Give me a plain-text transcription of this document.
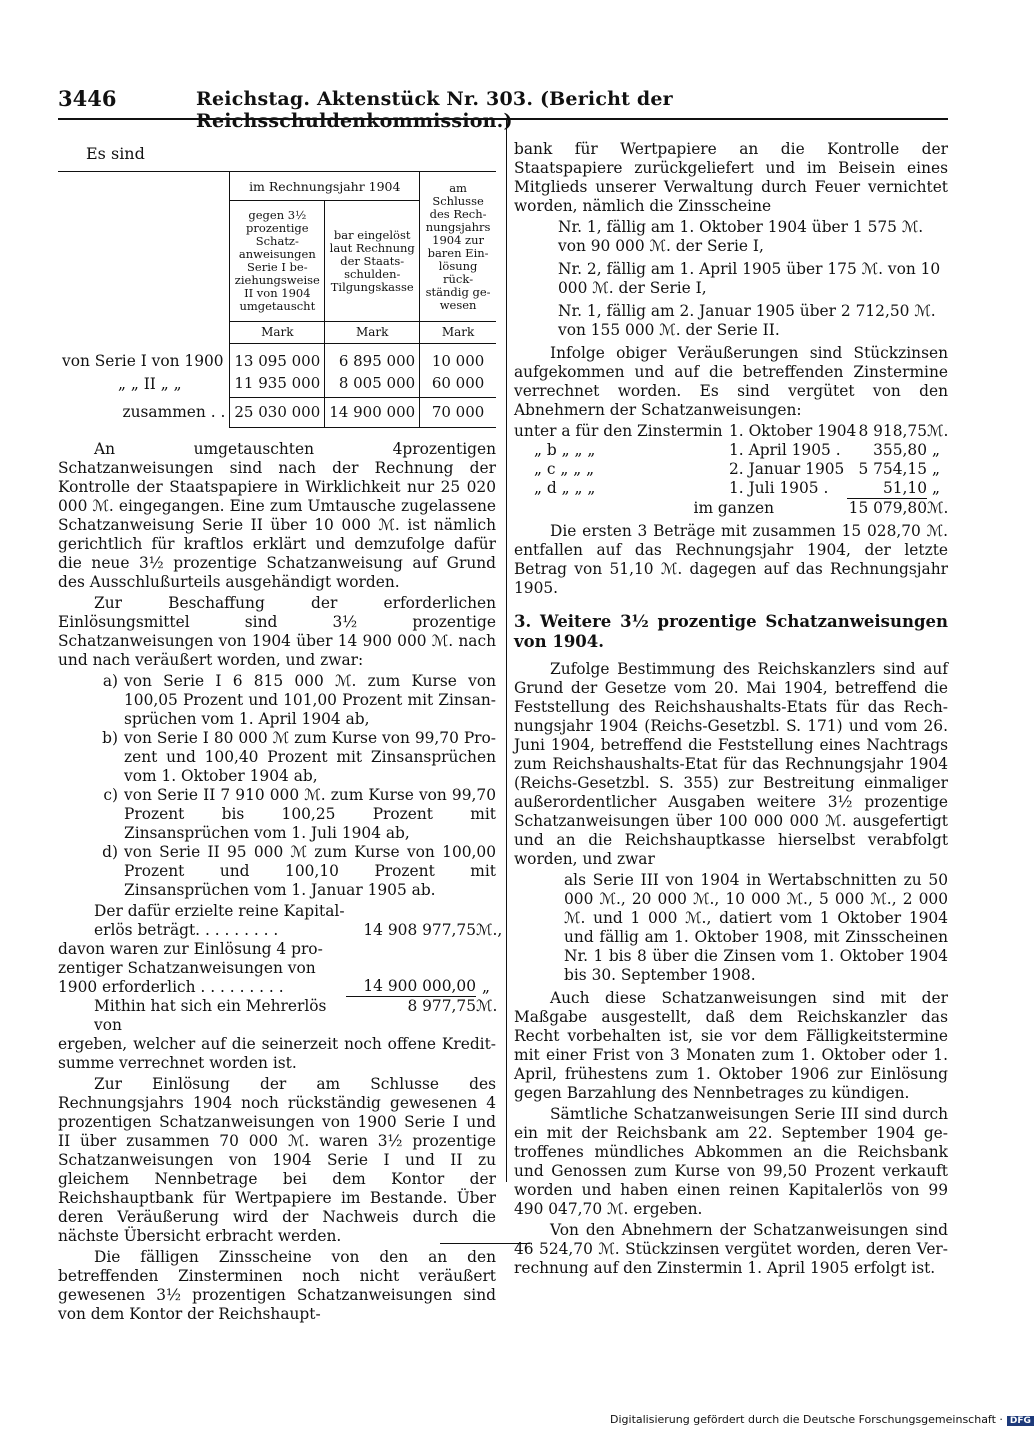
3446	Reichstag. Aktenstück Nr. 303. (Bericht der Reichsschuldenkommission.)

Es sind

	im Rechnungsjahr 1904		am Schlusse des Rechnungsjahrs 1904 zur baren Einlösung rückständig gewesen
	gegen 3½ prozentige Schatzanweisungen Serie I beziehungsweise II von 1904 umgetauscht	bar eingelöst laut Rechnung der Staatsschulden-Tilgungskasse	
	Mark	Mark	Mark
von Serie I von 1900	13 095 000	6 895 000	10 000
„ „ II „ „	11 935 000	8 005 000	60 000
zusammen . .	25 030 000	14 900 000	70 000

An umgetauschten 4prozentigen Schatzanweisungen sind nach der Rechnung der Kontrolle der Staatspapiere in Wirklichkeit nur 25 020 000 ℳ. eingegangen. Eine zum Umtausche zugelassene Schatzanweisung Serie II über 10 000 ℳ. ist nämlich gerichtlich für kraftlos erklärt und demzufolge dafür die neue 3½ prozentige Schatzanweisung auf Grund des Ausschlußurteils ausgehändigt worden.

Zur Beschaffung der erforderlichen Einlösungsmittel sind 3½ prozentige Schatzanweisungen von 1904 über 14 900 000 ℳ. nach und nach veräußert worden, und zwar:

a) von Serie I 6 815 000 ℳ. zum Kurse von 100,05 Prozent und 101,00 Prozent mit Zinsansprüchen vom 1. April 1904 ab,
b) von Serie I 80 000 ℳ zum Kurse von 99,70 Prozent und 100,40 Prozent mit Zinsansprüchen vom 1. Oktober 1904 ab,
c) von Serie II 7 910 000 ℳ. zum Kurse von 99,70 Prozent bis 100,25 Prozent mit Zinsansprüchen vom 1. Juli 1904 ab,
d) von Serie II 95 000 ℳ zum Kurse von 100,00 Prozent und 100,10 Prozent mit Zinsansprüchen vom 1. Januar 1905 ab.
Der dafür erzielte reine Kapitalerlös beträgt. . . . . . . . .	14 908 977,75 ℳ.,
davon waren zur Einlösung 4 prozentiger Schatzanweisungen von 1900 erforderlich . . . . . . . . .	14 900 000,00 „
Mithin hat sich ein Mehrerlös von
8 977,75 ℳ.

ergeben, welcher auf die seinerzeit noch offene Kreditsumme verrechnet worden ist.

Zur Einlösung der am Schlusse des Rechnungsjahrs 1904 noch rückständig gewesenen 4 prozentigen Schatzanweisungen von 1900 Serie I und II über zusammen 70 000 ℳ. waren 3½ prozentige Schatzanweisungen von 1904 Serie I und II zu gleichem Nennbetrage bei dem Kontor der Reichshauptbank für Wertpapiere im Bestande. Über deren Veräußerung wird der Nachweis durch die nächste Übersicht erbracht werden.

Die fälligen Zinsscheine von den an den betreffenden Zinsterminen noch nicht veräußert gewesenen 3½ prozentigen Schatzanweisungen sind von dem Kontor der Reichshaupt-

bank für Wertpapiere an die Kontrolle der Staatspapiere zurückgeliefert und im Beisein eines Mitglieds unserer Verwaltung durch Feuer vernichtet worden, nämlich die Zinsscheine

Nr. 1, fällig am 1. Oktober 1904 über 1 575 ℳ. von 90 000 ℳ. der Serie I,

Nr. 2, fällig am 1. April 1905 über 175 ℳ. von 10 000 ℳ. der Serie I,

Nr. 1, fällig am 2. Januar 1905 über 2 712,50 ℳ. von 155 000 ℳ. der Serie II.

Infolge obiger Veräußerungen sind Stückzinsen aufgekommen und auf die betreffenden Zinstermine verrechnet worden. Es sind vergütet von den Abnehmern der Schatzanweisungen:

unter a für den Zinstermin 1. Oktober 1904 8 918,75 ℳ.
„ b „ „ „	1. April 1905 .	355,80 „
„ c „ „ „	2. Januar 1905 5 754,15 „
„ d „ „ „	1. Juli 1905 .	51,10 „
im ganzen	15 079,80 ℳ.

Die ersten 3 Beträge mit zusammen 15 028,70 ℳ. entfallen auf das Rechnungsjahr 1904, der letzte Betrag von 51,10 ℳ. dagegen auf das Rechnungsjahr 1905.

3. Weitere 3½ prozentige Schatzanweisungen von 1904.

Zufolge Bestimmung des Reichskanzlers sind auf Grund der Gesetze vom 20. Mai 1904, betreffend die Feststellung des Reichshaushalts-Etats für das Rechnungsjahr 1904 (Reichs-Gesetzbl. S. 171) und vom 26. Juni 1904, betreffend die Feststellung eines Nachtrags zum Reichshaushalts-Etat für das Rechnungsjahr 1904 (Reichs-Gesetzbl. S. 355) zur Bestreitung einmaliger außerordentlicher Ausgaben weitere 3½ prozentige Schatzanweisungen über 100 000 000 ℳ. ausgefertigt und an die Reichshauptkasse hierselbst verabfolgt worden, und zwar

als Serie III von 1904 in Wertabschnitten zu 50 000 ℳ., 20 000 ℳ., 10 000 ℳ., 5 000 ℳ., 2 000 ℳ. und 1 000 ℳ., datiert vom 1 Oktober 1904 und fällig am 1. Oktober 1908, mit Zinsscheinen Nr. 1 bis 8 über die Zinsen vom 1. Oktober 1904 bis 30. September 1908.

Auch diese Schatzanweisungen sind mit der Maßgabe ausgestellt, daß dem Reichskanzler das Recht vorbehalten ist, sie vor dem Fälligkeitstermine mit einer Frist von 3 Monaten zum 1. Oktober oder 1. April, frühestens zum 1. Oktober 1906 zur Einlösung gegen Barzahlung des Nennbetrages zu kündigen.

Sämtliche Schatzanweisungen Serie III sind durch ein mit der Reichsbank am 22. September 1904 getroffenes mündliches Abkommen an die Reichsbank und Genossen zum Kurse von 99,50 Prozent verkauft worden und haben einen reinen Kapitalerlös von 99 490 047,70 ℳ. ergeben.

Von den Abnehmern der Schatzanweisungen sind 46 524,70 ℳ. Stückzinsen vergütet worden, deren Verrechnung auf den Zinstermin 1. April 1905 erfolgt ist.

Digitalisierung gefördert durch die Deutsche Forschungsgemeinschaft · DFG
